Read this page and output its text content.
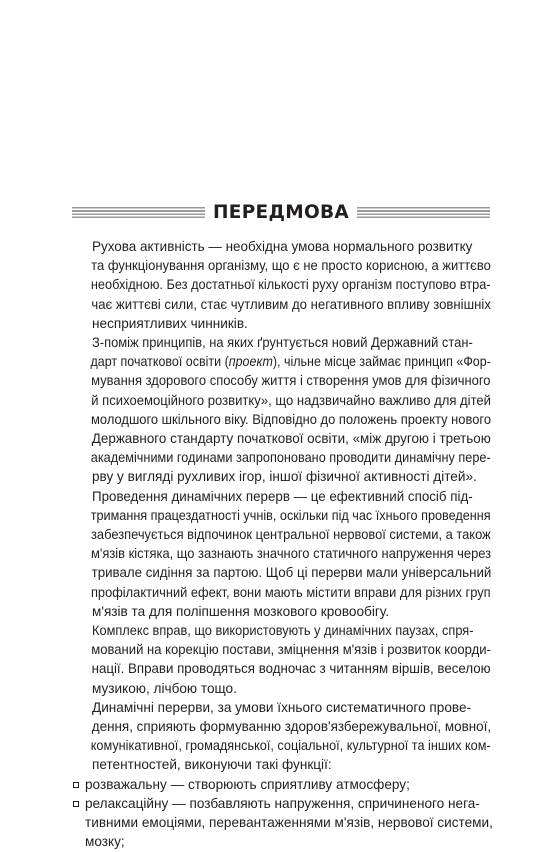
ПЕРЕДМОВА

Рухова активність — необхідна умова нормального розвитку
та функціонування організму, що є не просто корисною, а життєво
необхідною. Без достатньої кількості руху організм поступово втра-
чає життєві сили, стає чутливим до негативного впливу зовнішніх
несприятливих чинників.

З-поміж принципів, на яких ґрунтується новий Державний стан-
дарт початкової освіти (проект), чільне місце займає принцип «Фор-
мування здорового способу життя і створення умов для фізичного
й психоемоційного розвитку», що надзвичайно важливо для дітей
молодшого шкільного віку. Відповідно до положень проекту нового
Державного стандарту початкової освіти, «між другою і третьою
академічними годинами запропоновано проводити динамічну пере-
рву у вигляді рухливих ігор, іншої фізичної активності дітей».

Проведення динамічних перерв — це ефективний спосіб під-
тримання працездатності учнів, оскільки під час їхнього проведення
забезпечується відпочинок центральної нервової системи, а також
м'язів кістяка, що зазнають значного статичного напруження через
тривале сидіння за партою. Щоб ці перерви мали універсальний
профілактичний ефект, вони мають містити вправи для різних груп
м'язів та для поліпшення мозкового кровообігу.

Комплекс вправ, що використовують у динамічних паузах, спря-
мований на корекцію постави, зміцнення м'язів і розвиток коорди-
нації. Вправи проводяться водночас з читанням віршів, веселою
музикою, лічбою тощо.

Динамічні перерви, за умови їхнього систематичного прове-
дення, сприяють формуванню здоров'язбережувальної, мовної,
комунікативної, громадянської, соціальної, культурної та інших ком-
петентностей, виконуючи такі функції:

розважальну — створюють сприятливу атмосферу;
релаксаційну — позбавляють напруження, спричиненого нега-
тивними емоціями, перевантаженнями м'язів, нервової системи,
мозку;
